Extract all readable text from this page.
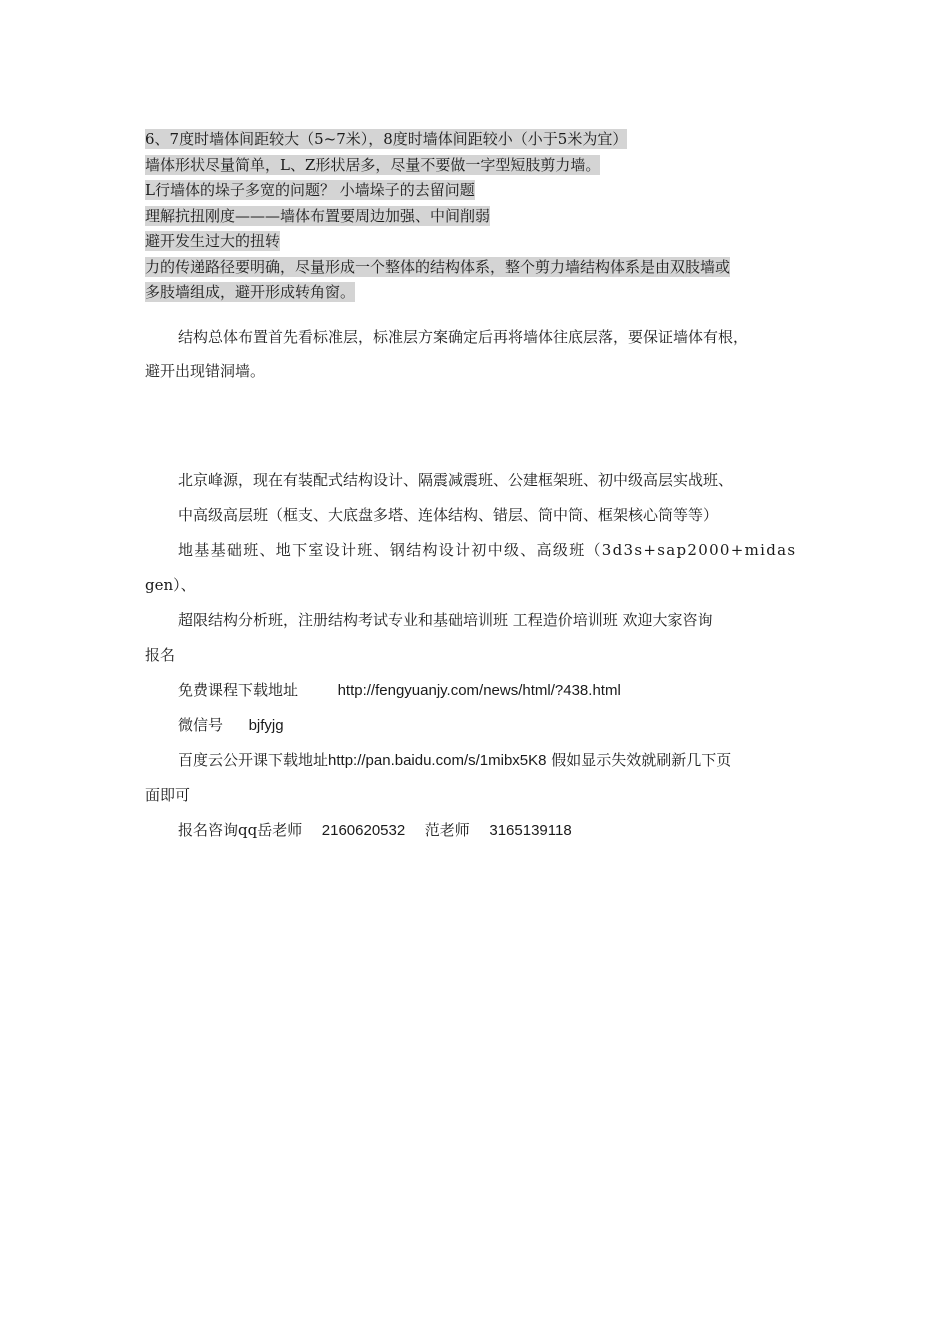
6、7度时墙体间距较大（5~7米），8度时墙体间距较小（小于5米为宜）
墙体形状尽量简单，L、Z形状居多，尽量不要做一字型短肢剪力墙。
L行墙体的垛子多宽的问题？ 小墙垛子的去留问题
理解抗扭刚度———墙体布置要周边加强、中间削弱
避开发生过大的扭转
力的传递路径要明确，尽量形成一个整体的结构体系，整个剪力墙结构体系是由双肢墙或
多肢墙组成，避开形成转角窗。
结构总体布置首先看标准层，标准层方案确定后再将墙体往底层落，要保证墙体有根，
避开出现错洞墙。
北京峰源，现在有装配式结构设计、隔震减震班、公建框架班、初中级高层实战班、
中高级高层班（框支、大底盘多塔、连体结构、错层、筒中筒、框架核心筒等等）
地基基础班、地下室设计班、钢结构设计初中级、高级班（3d3s+sap2000+midas
gen）、
超限结构分析班，注册结构考试专业和基础培训班 工程造价培训班 欢迎大家咨询
报名
免费课程下载地址	http://fengyuanjy.com/news/html/?438.html
微信号 bjfyjg
百度云公开课下载地址http://pan.baidu.com/s/1mibx5K8 假如显示失效就刷新几下页
面即可
报名咨询qq岳老师 2160620532 范老师 3165139118
